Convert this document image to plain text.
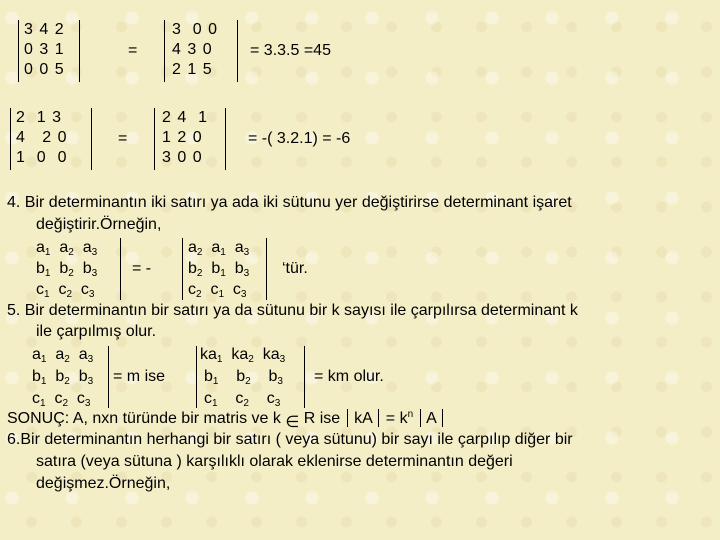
3 4 2
0 3 1
0 0 5
=
3  0 0
4 3 0
2 1 5
= 3.3.5 =45
2  1 3
4   2 0
1  0  0
=
2 4  1
1 2 0
3 0 0
= -( 3.2.1) = -6
4. Bir determinantın iki satırı ya ada iki sütunu yer değiştirirse determinant işaret
değiştirir.Örneğin,
$a_1$ $a_2$ $a_3$
$b_1$ $b_2$ $b_3$
$c_1$ $c_2$ $c_3$
= -
$a_2$ $a_1$ $a_3$
$b_2$ $b_1$ $b_3$
$c_2$ $c_1$ $c_3$
‘tür.
5. Bir determinantın bir satırı ya da sütunu bir k sayısı ile çarpılırsa determinant k
ile çarpılmış olur.
$a_1$ $a_2$ $a_3$
$b_1$ $b_2$ $b_3$
$c_1$ $c_2$ $c_3$
= m ise
$ka_1$ $ka_2$ $ka_3$
$b_1$ $b_2$ $b_3$
$c_1$ $c_2$ $c_3$
= km olur.
SONUÇ: A, nxn türünde bir matris ve k ∈ R ise kA = $k^n$ A
6.Bir determinantın herhangi bir satırı ( veya sütunu) bir sayı ile çarpılıp diğer bir
satıra (veya sütuna ) karşılıklı olarak eklenirse determinantın değeri
değişmez.Örneğin,
